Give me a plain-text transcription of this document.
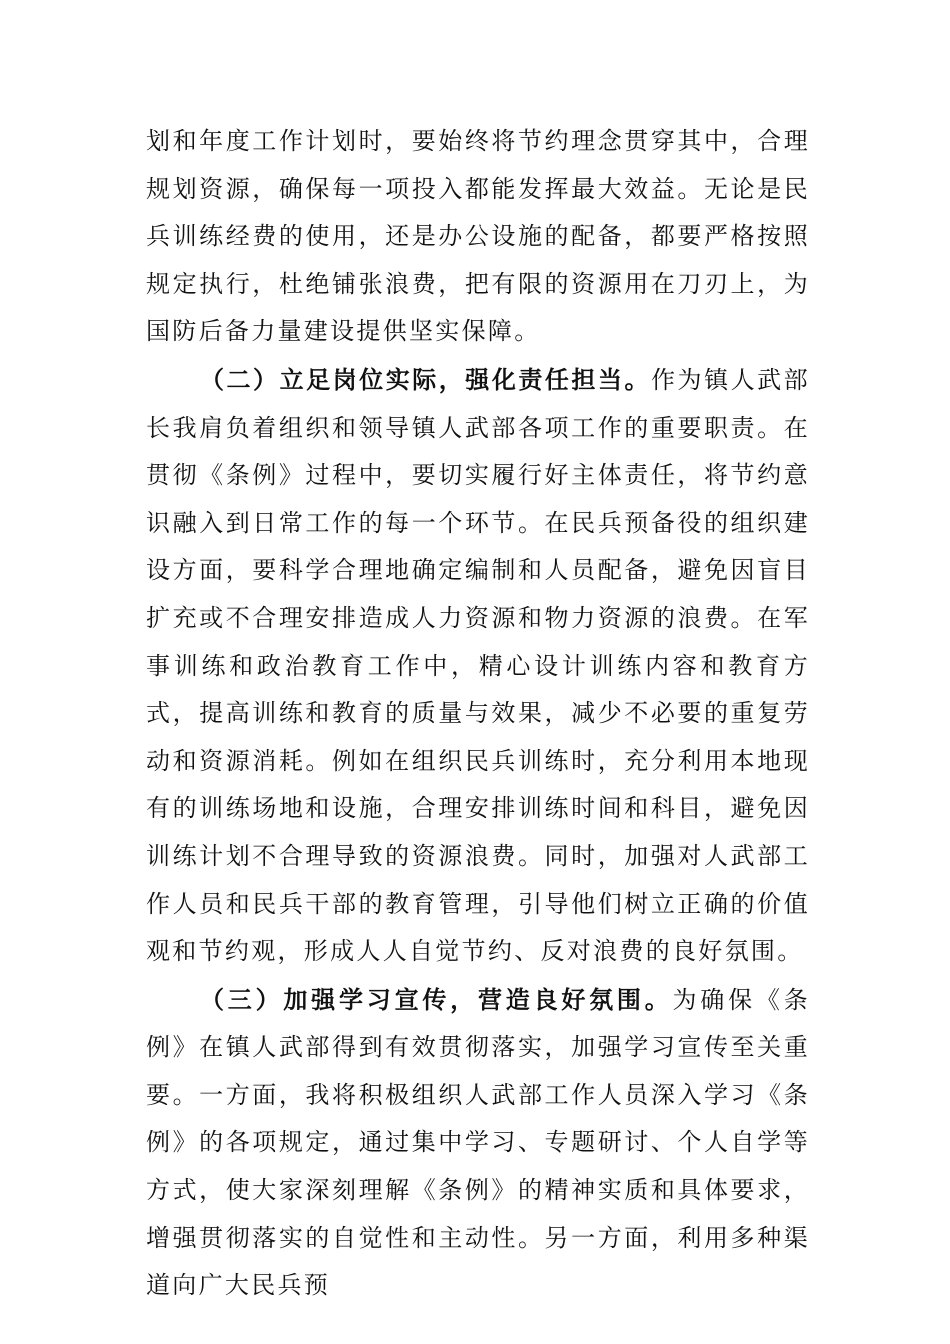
划和年度工作计划时，要始终将节约理念贯穿其中，合理规划资源，确保每一项投入都能发挥最大效益。无论是民兵训练经费的使用，还是办公设施的配备，都要严格按照规定执行，杜绝铺张浪费，把有限的资源用在刀刃上，为国防后备力量建设提供坚实保障。

（二）立足岗位实际，强化责任担当。作为镇人武部长我肩负着组织和领导镇人武部各项工作的重要职责。在贯彻《条例》过程中，要切实履行好主体责任，将节约意识融入到日常工作的每一个环节。在民兵预备役的组织建设方面，要科学合理地确定编制和人员配备，避免因盲目扩充或不合理安排造成人力资源和物力资源的浪费。在军事训练和政治教育工作中，精心设计训练内容和教育方式，提高训练和教育的质量与效果，减少不必要的重复劳动和资源消耗。例如在组织民兵训练时，充分利用本地现有的训练场地和设施，合理安排训练时间和科目，避免因训练计划不合理导致的资源浪费。同时，加强对人武部工作人员和民兵干部的教育管理，引导他们树立正确的价值观和节约观，形成人人自觉节约、反对浪费的良好氛围。

（三）加强学习宣传，营造良好氛围。为确保《条例》在镇人武部得到有效贯彻落实，加强学习宣传至关重要。一方面，我将积极组织人武部工作人员深入学习《条例》的各项规定，通过集中学习、专题研讨、个人自学等方式，使大家深刻理解《条例》的精神实质和具体要求，增强贯彻落实的自觉性和主动性。另一方面，利用多种渠道向广大民兵预
